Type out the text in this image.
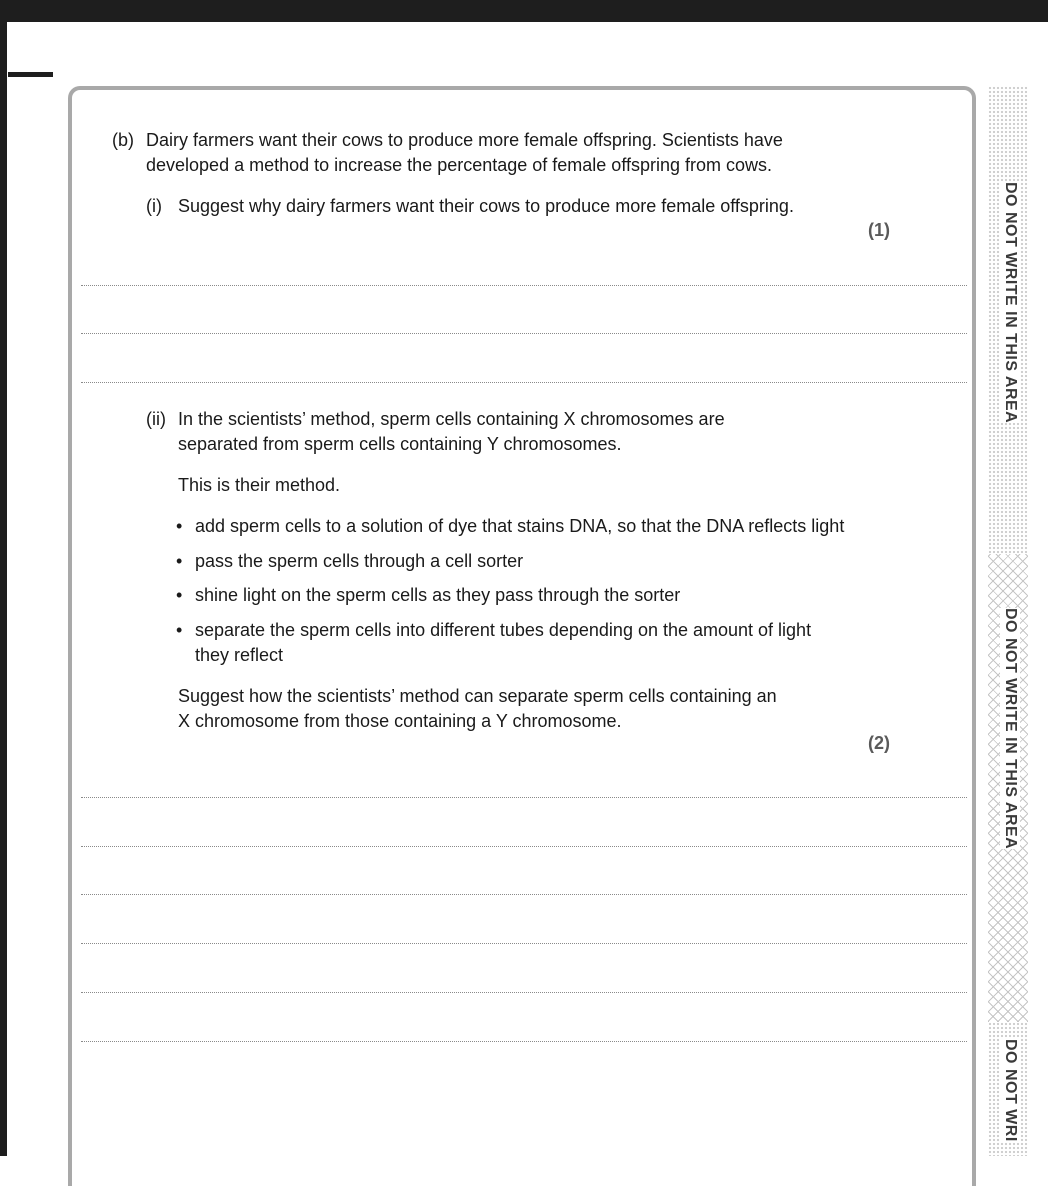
(b) Dairy farmers want their cows to produce more female offspring. Scientists have
developed a method to increase the percentage of female offspring from cows.
(i) Suggest why dairy farmers want their cows to produce more female offspring.
(1)
(ii) In the scientists’ method, sperm cells containing X chromosomes are
separated from sperm cells containing Y chromosomes.
This is their method.
• add sperm cells to a solution of dye that stains DNA, so that the DNA reflects light
• pass the sperm cells through a cell sorter
• shine light on the sperm cells as they pass through the sorter
• separate the sperm cells into different tubes depending on the amount of light
they reflect
Suggest how the scientists’ method can separate sperm cells containing an
X chromosome from those containing a Y chromosome.
(2)
DO NOT WRITE IN THIS AREA
DO NOT WRITE IN THIS AREA
DO NOT WRI
